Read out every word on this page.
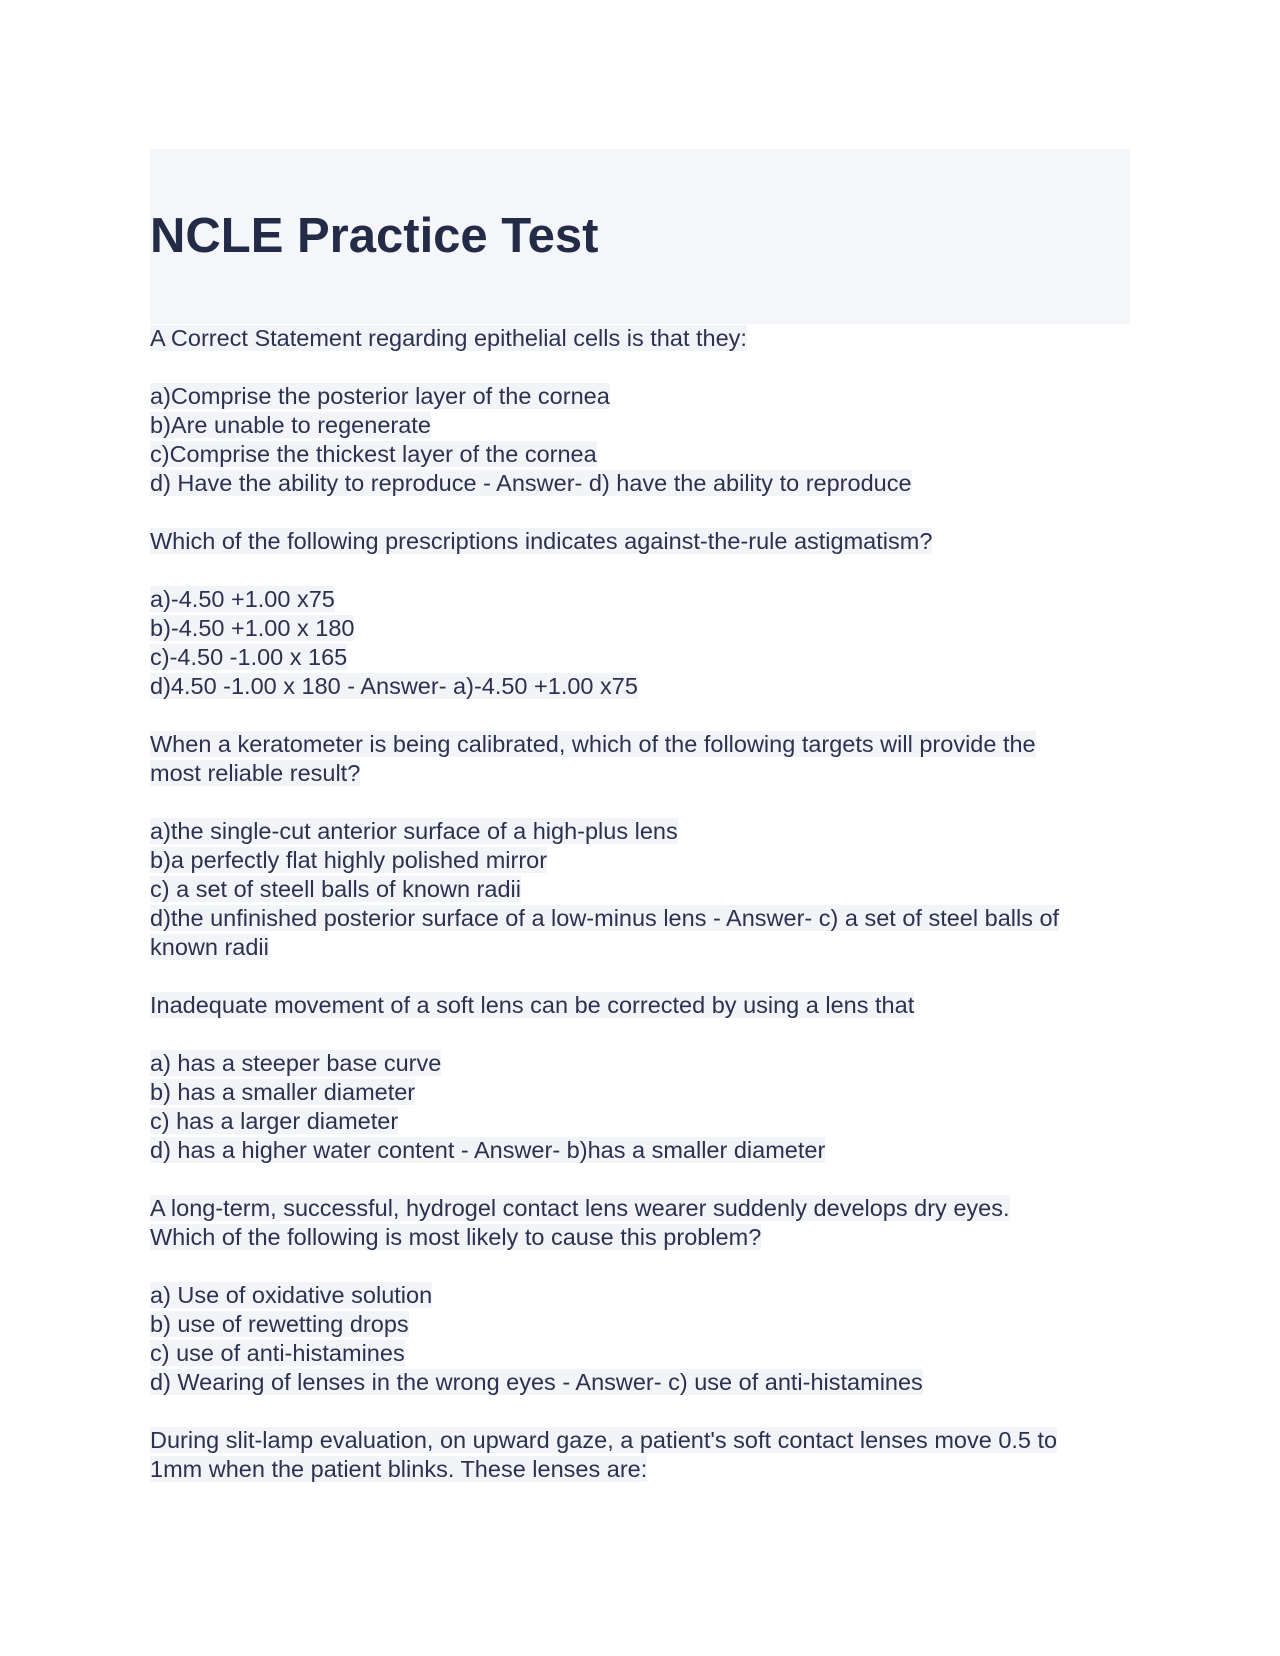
NCLE Practice Test
A Correct Statement regarding epithelial cells is that they:
a)Comprise the posterior layer of the cornea
b)Are unable to regenerate
c)Comprise the thickest layer of the cornea
d) Have the ability to reproduce - Answer- d) have the ability to reproduce
Which of the following prescriptions indicates against-the-rule astigmatism?
a)-4.50 +1.00 x75
b)-4.50 +1.00 x 180
c)-4.50 -1.00 x 165
d)4.50 -1.00 x 180 - Answer- a)-4.50 +1.00 x75
When a keratometer is being calibrated, which of the following targets will provide the
most reliable result?
a)the single-cut anterior surface of a high-plus lens
b)a perfectly flat highly polished mirror
c) a set of steell balls of known radii
d)the unfinished posterior surface of a low-minus lens - Answer- c) a set of steel balls of
known radii
Inadequate movement of a soft lens can be corrected by using a lens that
a) has a steeper base curve
b) has a smaller diameter
c) has a larger diameter
d) has a higher water content - Answer- b)has a smaller diameter
A long-term, successful, hydrogel contact lens wearer suddenly develops dry eyes.
Which of the following is most likely to cause this problem?
a) Use of oxidative solution
b) use of rewetting drops
c) use of anti-histamines
d) Wearing of lenses in the wrong eyes - Answer- c) use of anti-histamines
During slit-lamp evaluation, on upward gaze, a patient's soft contact lenses move 0.5 to
1mm when the patient blinks. These lenses are:
